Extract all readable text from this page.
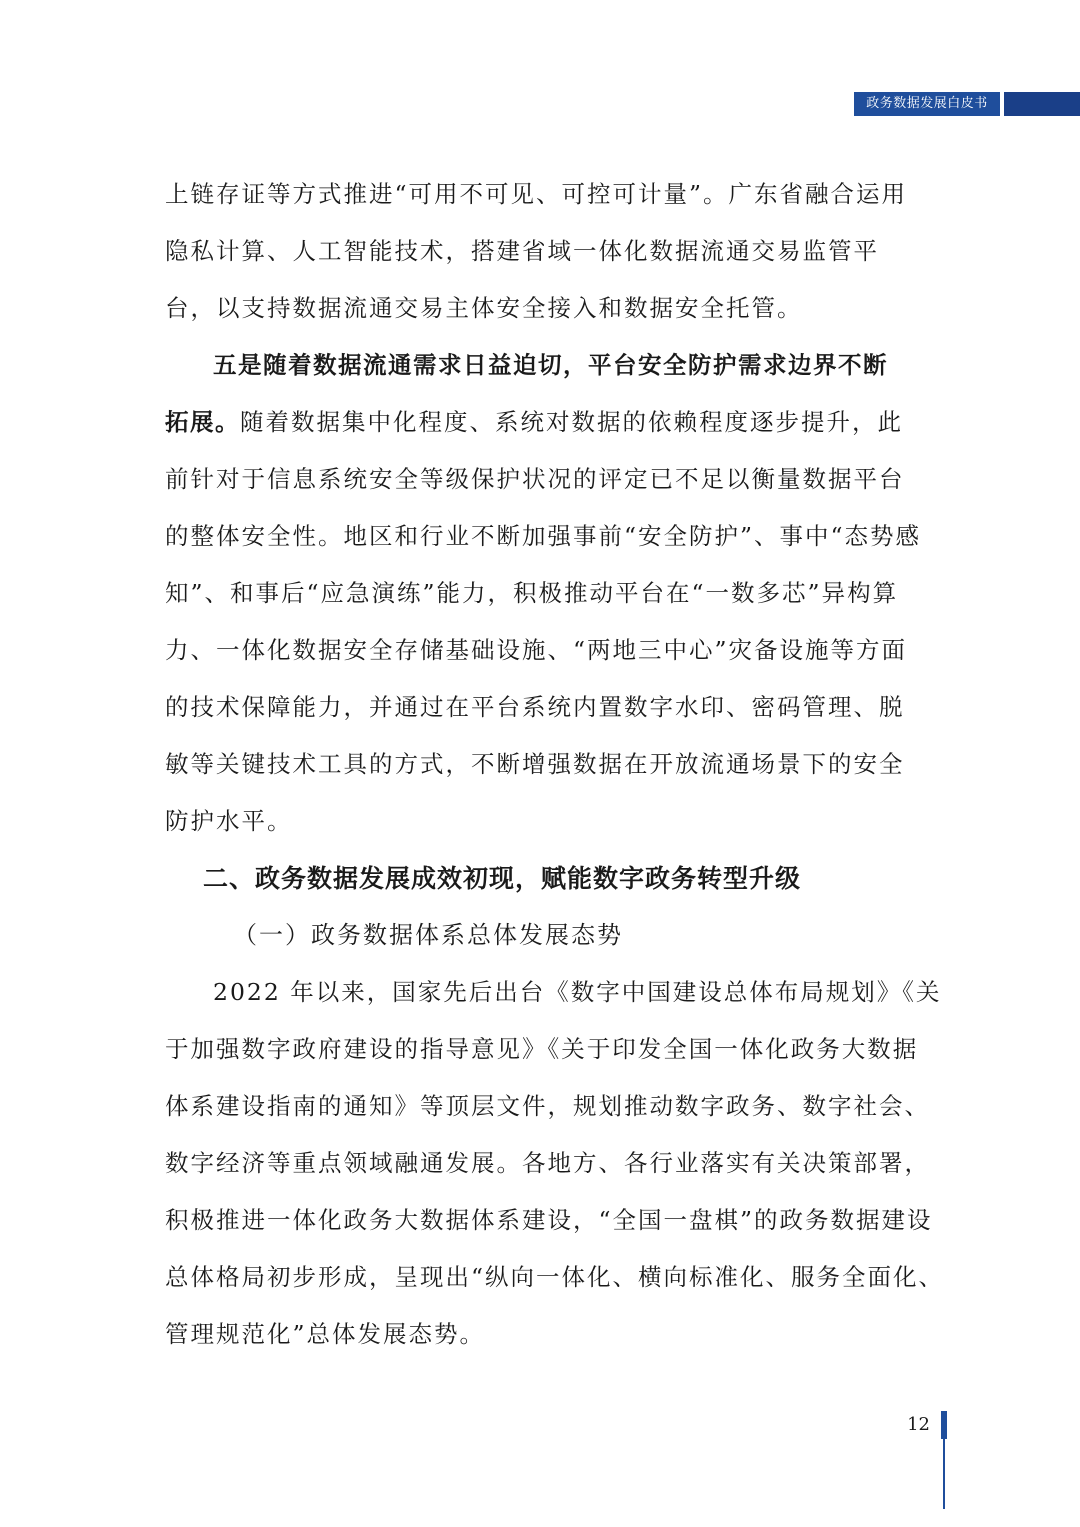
政务数据发展白皮书
上链存证等方式推进“可用不可见、可控可计量”。广东省融合运用
隐私计算、人工智能技术，搭建省域一体化数据流通交易监管平
台，以支持数据流通交易主体安全接入和数据安全托管。
五是随着数据流通需求日益迫切，平台安全防护需求边界不断
拓展。随着数据集中化程度、系统对数据的依赖程度逐步提升，此
前针对于信息系统安全等级保护状况的评定已不足以衡量数据平台
的整体安全性。地区和行业不断加强事前“安全防护”、事中“态势感
知”、和事后“应急演练”能力，积极推动平台在“一数多芯”异构算
力、一体化数据安全存储基础设施、“两地三中心”灾备设施等方面
的技术保障能力，并通过在平台系统内置数字水印、密码管理、脱
敏等关键技术工具的方式，不断增强数据在开放流通场景下的安全
防护水平。
二、政务数据发展成效初现，赋能数字政务转型升级
（一）政务数据体系总体发展态势
2022 年以来，国家先后出台《数字中国建设总体布局规划》《关
于加强数字政府建设的指导意见》《关于印发全国一体化政务大数据
体系建设指南的通知》等顶层文件，规划推动数字政务、数字社会、
数字经济等重点领域融通发展。各地方、各行业落实有关决策部署，
积极推进一体化政务大数据体系建设，“全国一盘棋”的政务数据建设
总体格局初步形成，呈现出“纵向一体化、横向标准化、服务全面化、
管理规范化”总体发展态势。
12
